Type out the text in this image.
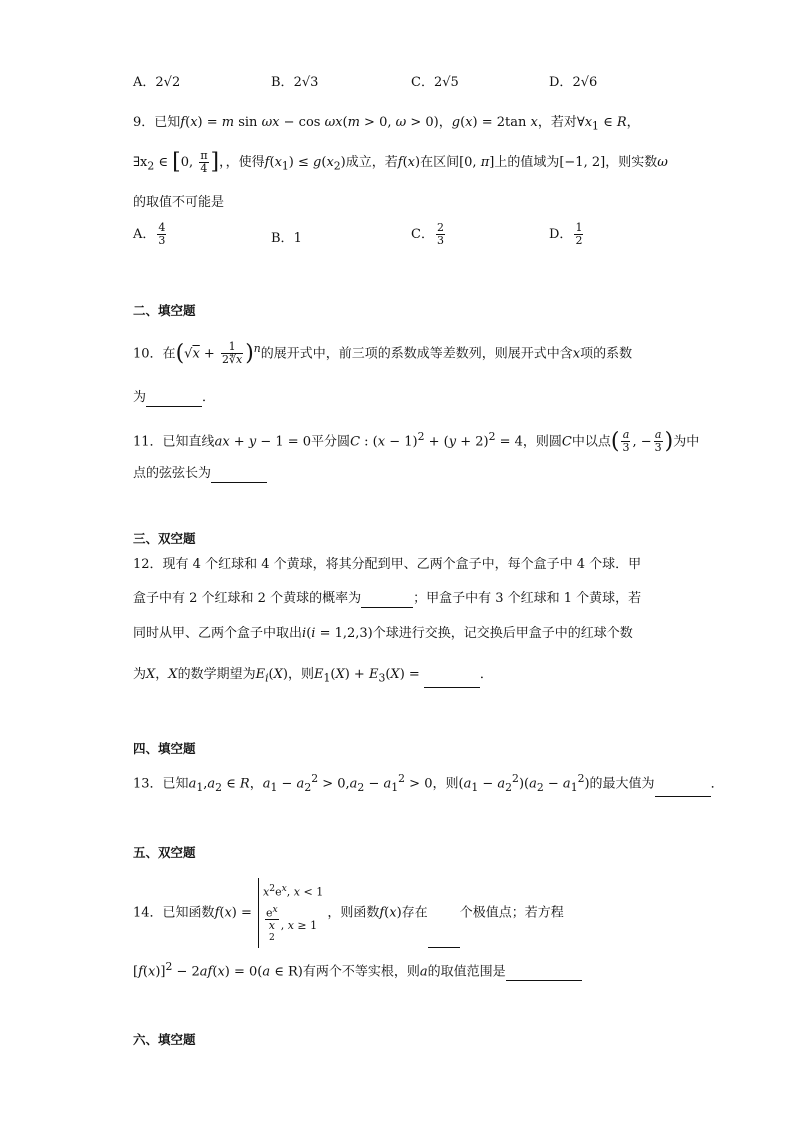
A．2√2	B．2√3	C．2√5	D．2√6
9．已知f(x) = m sin ωx − cos ωx(m > 0, ω > 0)，g(x) = 2tan x，若对$\forall x_1$ ∈ R，
$\exists x_2$ ∈ [0, $\frac{\pi}{4}$ ]，，使得$f(x_1) \le g(x_2)$成立，若f(x)在区间[0, π]上的值域为[−1, 2]，则实数ω
的取值不可能是
A． $\frac{4}{3}$	B．1	C． $\frac{2}{3}$	D． $\frac{1}{2}$
二、填空题
10．在$(√x + \frac{1}{2∜x} )^n$的展开式中，前三项的系数成等差数列，则展开式中含x项的系数
为	．
11．已知直线ax + y − 1 = 0平分圆C : $(x - 1)^2 + (y + 2)^2 = 4$，则圆C中以点( $\frac{a}{3}$ , − $\frac{a}{3}$ )为中
点的弦弦长为
三、双空题
12．现有 4 个红球和 4 个黄球，将其分配到甲、乙两个盒子中，每个盒子中 4 个球．甲
盒子中有 2 个红球和 2 个黄球的概率为	；甲盒子中有 3 个红球和 1 个黄球，若
同时从甲、乙两个盒子中取出i(i = 1,2,3)个球进行交换，记交换后甲盒子中的红球个数
为X，X的数学期望为$E_i(X)$，则$E_1(X) + E_3(X)$ =	．
四、填空题
13．已知$a_1,a_2$ ∈ R，$a_1 - a_2^2 > 0,a_2 - a_1^2 > 0$，则$(a_1 - a_2^2)(a_2 - a_1^2)$的最大值为	．
五、双空题
14．已知函数f(x) =
$x^2e^x$, x < 1
$e^x$
x
$^2$, x ≥ 1
，则函数f(x)存在 个极值点；若方程
$[f(x)]^2 - 2af(x) = 0(a$ ∈ R)有两个不等实根，则a的取值范围是
六、填空题
